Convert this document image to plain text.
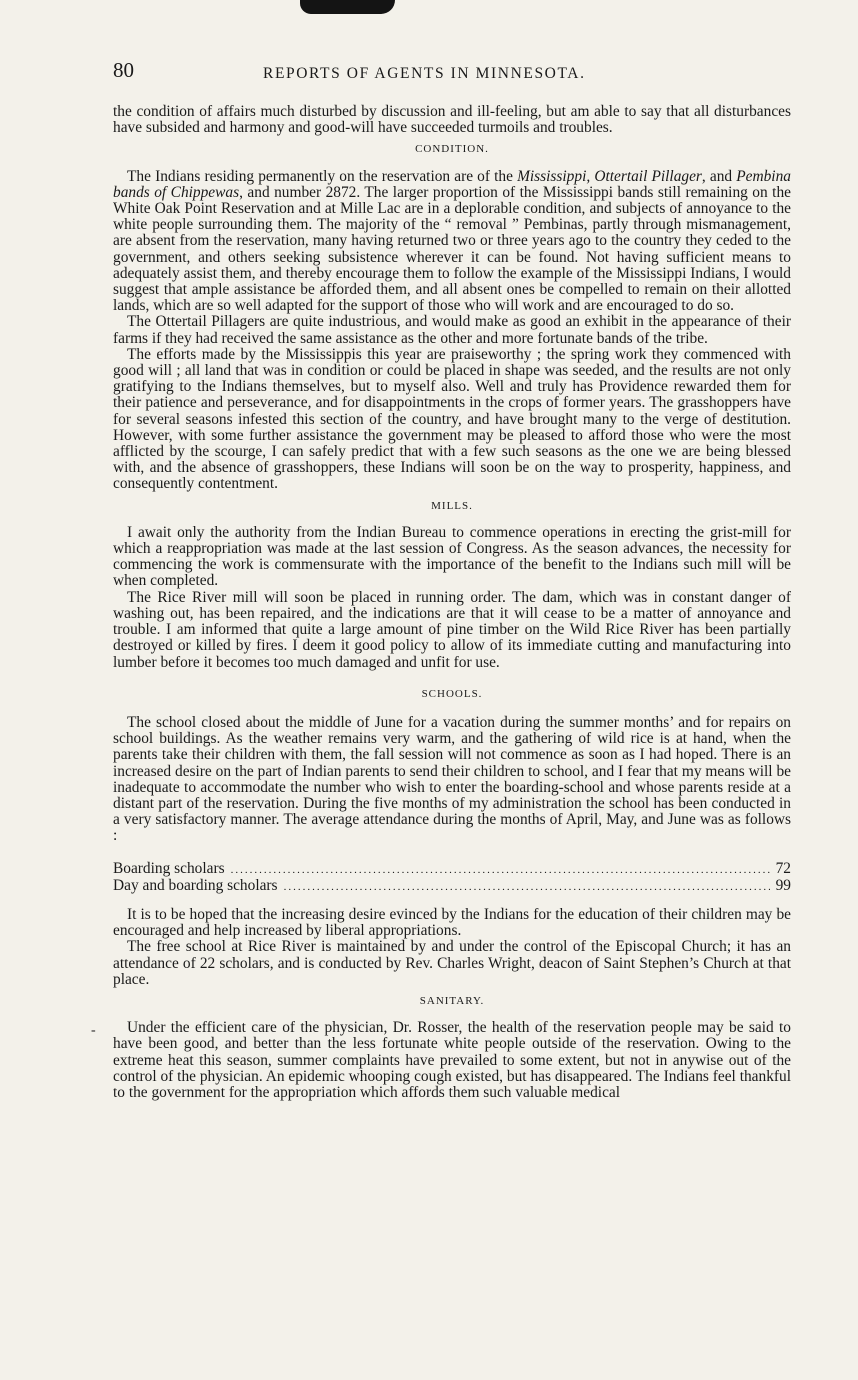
-
80	REPORTS OF AGENTS IN MINNESOTA.

the condition of affairs much disturbed by discussion and ill-feeling, but am able to say that all disturbances have subsided and harmony and good-will have succeeded turmoils and troubles.

CONDITION.

The Indians residing permanently on the reservation are of the Mississippi, Ottertail Pillager, and Pembina bands of Chippewas, and number 2872. The larger proportion of the Mississippi bands still remaining on the White Oak Point Reservation and at Mille Lac are in a deplorable condition, and subjects of annoyance to the white people surrounding them. The majority of the “ removal ” Pembinas, partly through mismanagement, are absent from the reservation, many having returned two or three years ago to the country they ceded to the government, and others seeking subsistence wherever it can be found. Not having sufficient means to adequately assist them, and thereby encourage them to follow the example of the Mississippi Indians, I would suggest that ample assistance be afforded them, and all absent ones be compelled to remain on their allotted lands, which are so well adapted for the support of those who will work and are encouraged to do so.

The Ottertail Pillagers are quite industrious, and would make as good an exhibit in the appearance of their farms if they had received the same assistance as the other and more fortunate bands of the tribe.

The efforts made by the Mississippis this year are praiseworthy ; the spring work they commenced with good will ; all land that was in condition or could be placed in shape was seeded, and the results are not only gratifying to the Indians themselves, but to myself also. Well and truly has Providence rewarded them for their patience and perseverance, and for disappointments in the crops of former years. The grasshoppers have for several seasons infested this section of the country, and have brought many to the verge of destitution. However, with some further assistance the government may be pleased to afford those who were the most afflicted by the scourge, I can safely predict that with a few such seasons as the one we are being blessed with, and the absence of grasshoppers, these Indians will soon be on the way to prosperity, happiness, and consequently contentment.

MILLS.

I await only the authority from the Indian Bureau to commence operations in erecting the grist-mill for which a reappropriation was made at the last session of Congress. As the season advances, the necessity for commencing the work is commensurate with the importance of the benefit to the Indians such mill will be when completed.

The Rice River mill will soon be placed in running order. The dam, which was in constant danger of washing out, has been repaired, and the indications are that it will cease to be a matter of annoyance and trouble. I am informed that quite a large amount of pine timber on the Wild Rice River has been partially destroyed or killed by fires. I deem it good policy to allow of its immediate cutting and manufacturing into lumber before it becomes too much damaged and unfit for use.

SCHOOLS.

The school closed about the middle of June for a vacation during the summer months’ and for repairs on school buildings. As the weather remains very warm, and the gathering of wild rice is at hand, when the parents take their children with them, the fall session will not commence as soon as I had hoped. There is an increased desire on the part of Indian parents to send their children to school, and I fear that my means will be inadequate to accommodate the number who wish to enter the boarding-school and whose parents reside at a distant part of the reservation. During the five months of my administration the school has been conducted in a very satisfactory manner. The average attendance during the months of April, May, and June was as follows :

Boarding scholars .....	72
Day and boarding scholars .....	99

It is to be hoped that the increasing desire evinced by the Indians for the education of their children may be encouraged and help increased by liberal appropriations.

The free school at Rice River is maintained by and under the control of the Episcopal Church; it has an attendance of 22 scholars, and is conducted by Rev. Charles Wright, deacon of Saint Stephen’s Church at that place.

SANITARY.

Under the efficient care of the physician, Dr. Rosser, the health of the reservation people may be said to have been good, and better than the less fortunate white people outside of the reservation. Owing to the extreme heat this season, summer complaints have prevailed to some extent, but not in anywise out of the control of the physician. An epidemic whooping cough existed, but has disappeared. The Indians feel thankful to the government for the appropriation which affords them such valuable medical
